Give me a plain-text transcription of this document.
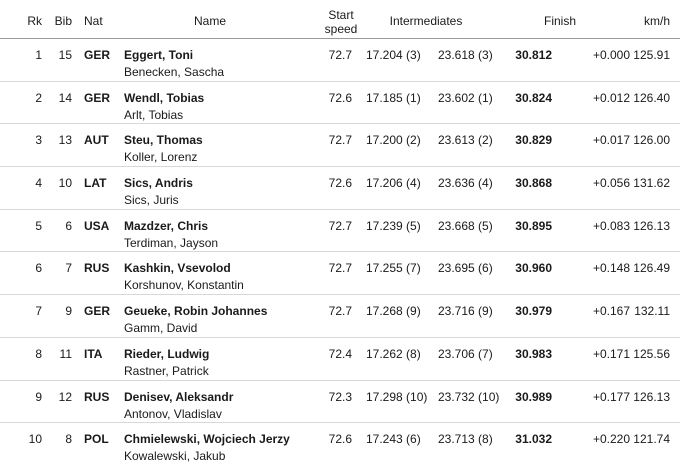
Rk	Bib Nat	Name	Start
speed
Intermediates	Finish	km/h
1	15 GER	Eggert, Toni
Benecken, Sascha
72.7 17.204 (3) 23.618 (3)	30.812	+0.000 125.91
2	14 GER	Wendl, Tobias
Arlt, Tobias
72.6 17.185 (1) 23.602 (1)	30.824	+0.012 126.40
3	13 AUT	Steu, Thomas
Koller, Lorenz
72.7 17.200 (2) 23.613 (2)	30.829	+0.017 126.00
4	10 LAT	Sics, Andris
Sics, Juris
72.6 17.206 (4) 23.636 (4)	30.868	+0.056 131.62
5	6 USA	Mazdzer, Chris
Terdiman, Jayson
72.7 17.239 (5) 23.668 (5)	30.895	+0.083 126.13
6	7 RUS	Kashkin, Vsevolod
Korshunov, Konstantin
72.7 17.255 (7) 23.695 (6)	30.960	+0.148 126.49
7	9 GER	Geueke, Robin Johannes
Gamm, David
72.7 17.268 (9) 23.716 (9)	30.979	+0.167 132.11
8	11 ITA	Rieder, Ludwig
Rastner, Patrick
72.4 17.262 (8) 23.706 (7)	30.983	+0.171 125.56
9	12 RUS	Denisev, Aleksandr
Antonov, Vladislav
72.3 17.298 (10) 23.732 (10)	30.989	+0.177 126.13
10	8 POL	Chmielewski, Wojciech Jerzy
Kowalewski, Jakub
72.6 17.243 (6) 23.713 (8)	31.032	+0.220 121.74
